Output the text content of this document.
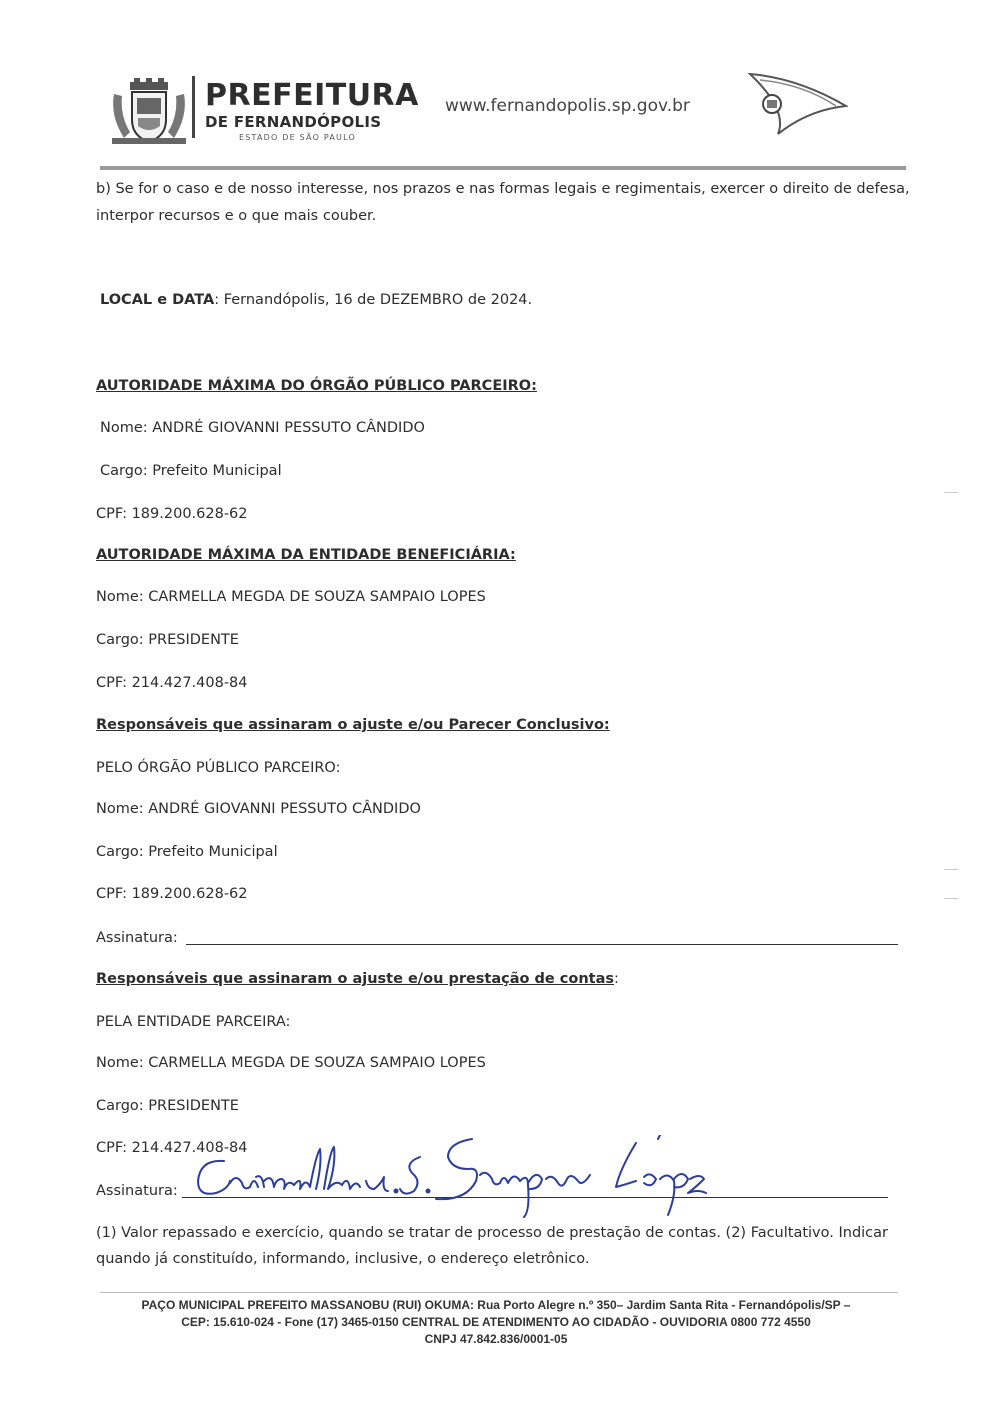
PREFEITURA
DE FERNANDÓPOLIS
ESTADO DE SÃO PAULO
www.fernandopolis.sp.gov.br
b) Se for o caso e de nosso interesse, nos prazos e nas formas legais e regimentais, exercer o direito de defesa,
interpor recursos e o que mais couber.
LOCAL e DATA: Fernandópolis, 16 de DEZEMBRO de 2024.
AUTORIDADE MÁXIMA DO ÓRGÃO PÚBLICO PARCEIRO:
Nome: ANDRÉ GIOVANNI PESSUTO CÂNDIDO
Cargo: Prefeito Municipal
CPF: 189.200.628-62
AUTORIDADE MÁXIMA DA ENTIDADE BENEFICIÁRIA:
Nome: CARMELLA MEGDA DE SOUZA SAMPAIO LOPES
Cargo: PRESIDENTE
CPF: 214.427.408-84
Responsáveis que assinaram o ajuste e/ou Parecer Conclusivo:
PELO ÓRGÃO PÚBLICO PARCEIRO:
Nome: ANDRÉ GIOVANNI PESSUTO CÂNDIDO
Cargo: Prefeito Municipal
CPF: 189.200.628-62
Assinatura:
Responsáveis que assinaram o ajuste e/ou prestação de contas:
PELA ENTIDADE PARCEIRA:
Nome: CARMELLA MEGDA DE SOUZA SAMPAIO LOPES
Cargo: PRESIDENTE
CPF: 214.427.408-84
Assinatura:
(1) Valor repassado e exercício, quando se tratar de processo de prestação de contas. (2) Facultativo. Indicar
quando já constituído, informando, inclusive, o endereço eletrônico.
PAÇO MUNICIPAL PREFEITO MASSANOBU (RUI) OKUMA: Rua Porto Alegre n.º 350– Jardim Santa Rita - Fernandópolis/SP –
CEP: 15.610-024 - Fone (17) 3465-0150 CENTRAL DE ATENDIMENTO AO CIDADÃO - OUVIDORIA 0800 772 4550
CNPJ 47.842.836/0001-05
